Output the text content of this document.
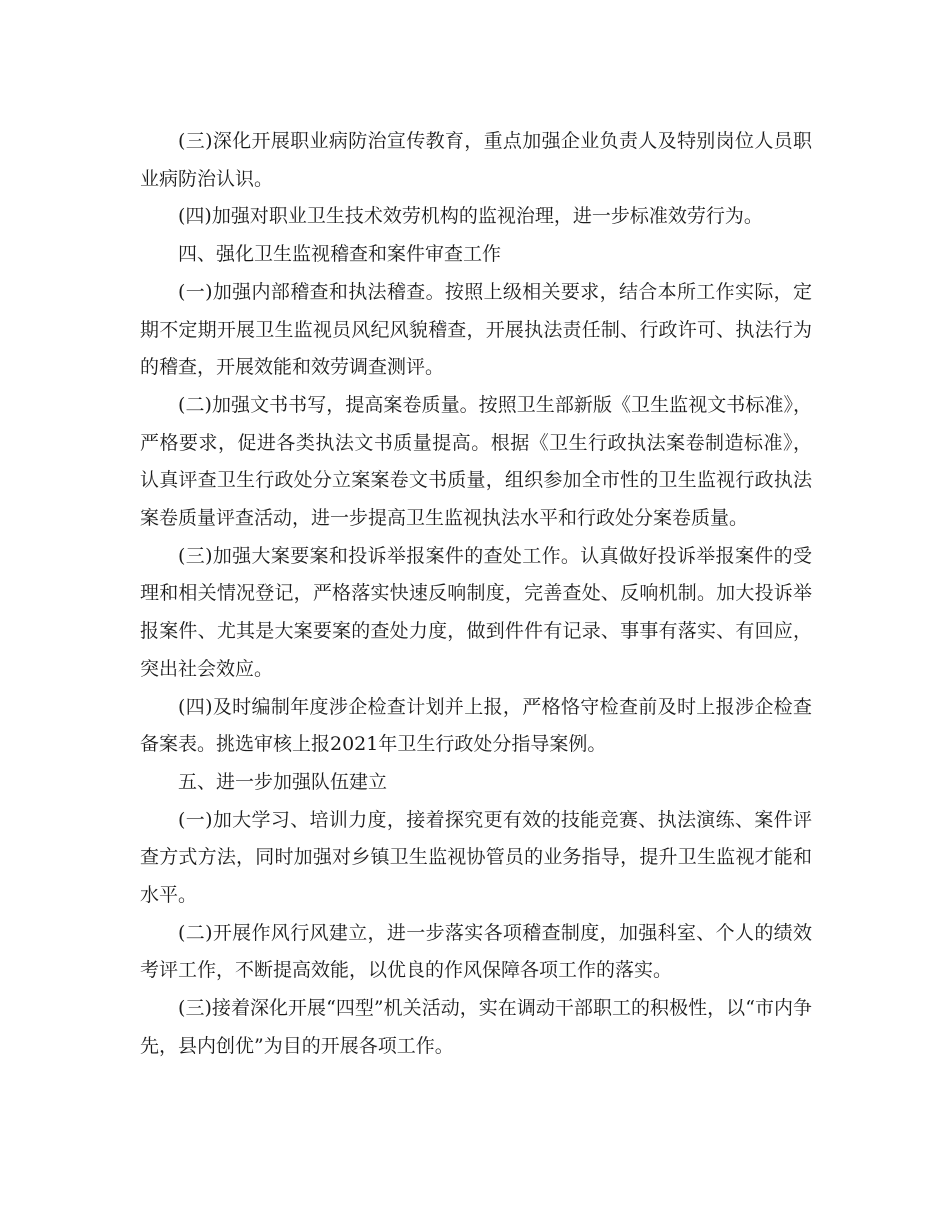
(三)深化开展职业病防治宣传教育，重点加强企业负责人及特别岗位人员职业病防治认识。

(四)加强对职业卫生技术效劳机构的监视治理，进一步标准效劳行为。

四、强化卫生监视稽查和案件审查工作

(一)加强内部稽查和执法稽查。按照上级相关要求，结合本所工作实际，定期不定期开展卫生监视员风纪风貌稽查，开展执法责任制、行政许可、执法行为的稽查，开展效能和效劳调查测评。

(二)加强文书书写，提高案卷质量。按照卫生部新版《卫生监视文书标准》，严格要求，促进各类执法文书质量提高。根据《卫生行政执法案卷制造标准》，认真评查卫生行政处分立案案卷文书质量，组织参加全市性的卫生监视行政执法案卷质量评查活动，进一步提高卫生监视执法水平和行政处分案卷质量。

(三)加强大案要案和投诉举报案件的查处工作。认真做好投诉举报案件的受理和相关情况登记，严格落实快速反响制度，完善查处、反响机制。加大投诉举报案件、尤其是大案要案的查处力度，做到件件有记录、事事有落实、有回应，突出社会效应。

(四)及时编制年度涉企检查计划并上报，严格恪守检查前及时上报涉企检查备案表。挑选审核上报2021年卫生行政处分指导案例。

五、进一步加强队伍建立

(一)加大学习、培训力度，接着探究更有效的技能竞赛、执法演练、案件评查方式方法，同时加强对乡镇卫生监视协管员的业务指导，提升卫生监视才能和水平。

(二)开展作风行风建立，进一步落实各项稽查制度，加强科室、个人的绩效考评工作，不断提高效能，以优良的作风保障各项工作的落实。

(三)接着深化开展“四型”机关活动，实在调动干部职工的积极性，以“市内争先，县内创优”为目的开展各项工作。
